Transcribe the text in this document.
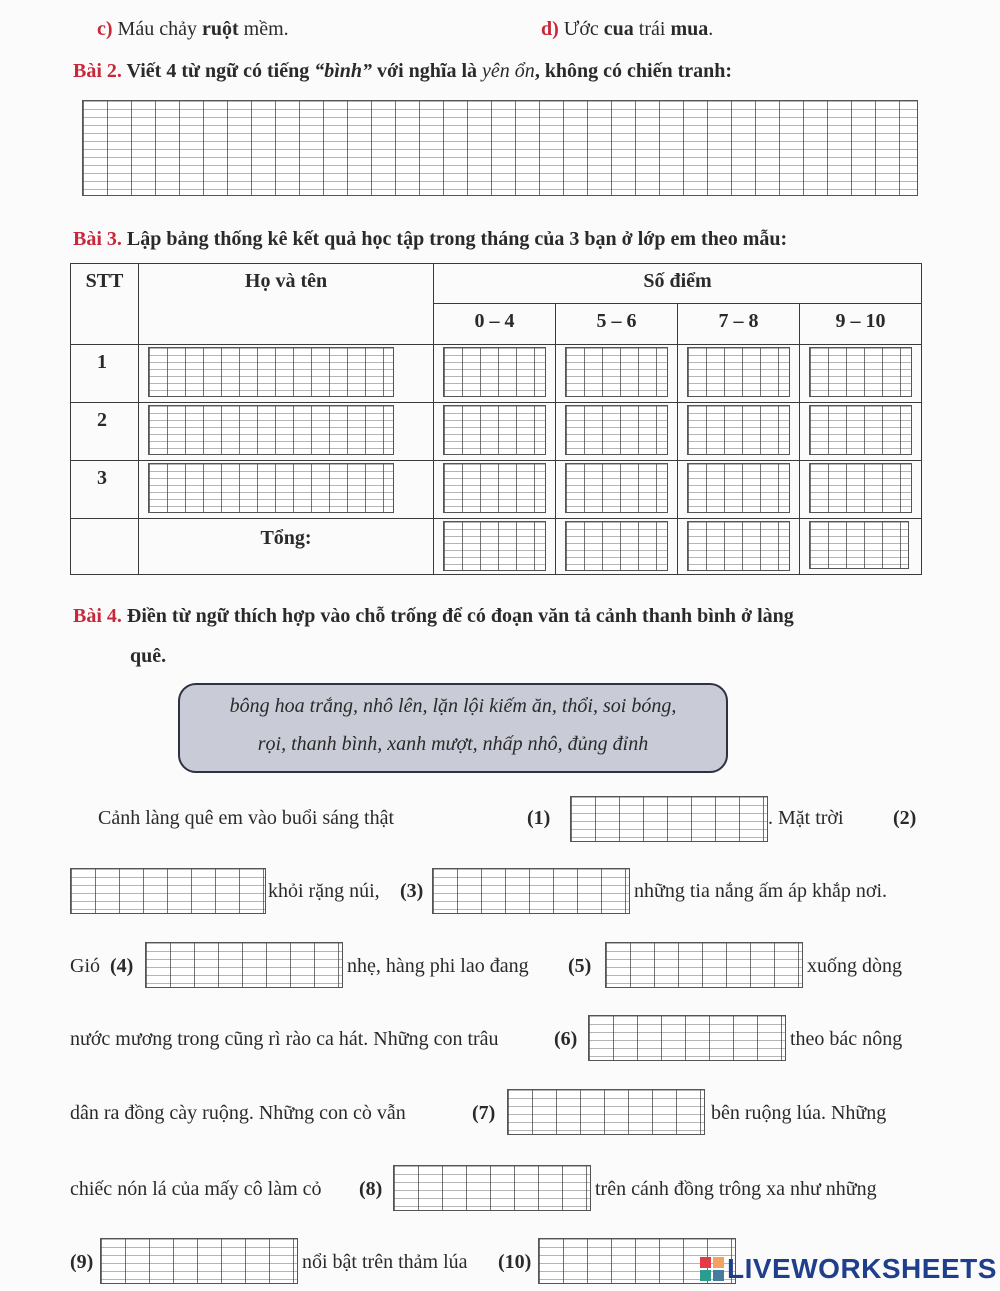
c) Máu chảy ruột mềm.	d) Ước cua trái mua.
Bài 2. Viết 4 từ ngữ có tiếng “bình” với nghĩa là yên ổn, không có chiến tranh:
Bài 3. Lập bảng thống kê kết quả học tập trong tháng của 3 bạn ở lớp em theo mẫu:
STT	Họ và tên	Số điểm
0 – 4	5 – 6	7 – 8	9 – 10
1
2
3
Tổng:
Bài 4. Điền từ ngữ thích hợp vào chỗ trống để có đoạn văn tả cảnh thanh bình ở làng
quê.
bông hoa trắng, nhô lên, lặn lội kiếm ăn, thổi, soi bóng,
rọi, thanh bình, xanh mượt, nhấp nhô, đủng đỉnh
Cảnh làng quê em vào buổi sáng thật	(1)	. Mặt trời (2)
khỏi rặng núi, (3)	những tia nắng ấm áp khắp nơi.
Gió (4)	nhẹ, hàng phi lao đang (5)	xuống dòng
nước mương trong cũng rì rào ca hát. Những con trâu	(6)	theo bác nông
dân ra đồng cày ruộng. Những con cò vẫn	(7)	bên ruộng lúa. Những
chiếc nón lá của mấy cô làm cỏ (8)	trên cánh đồng trông xa như những
(9)	nổi bật trên thảm lúa (10)	LIVEWORKSHEETS
